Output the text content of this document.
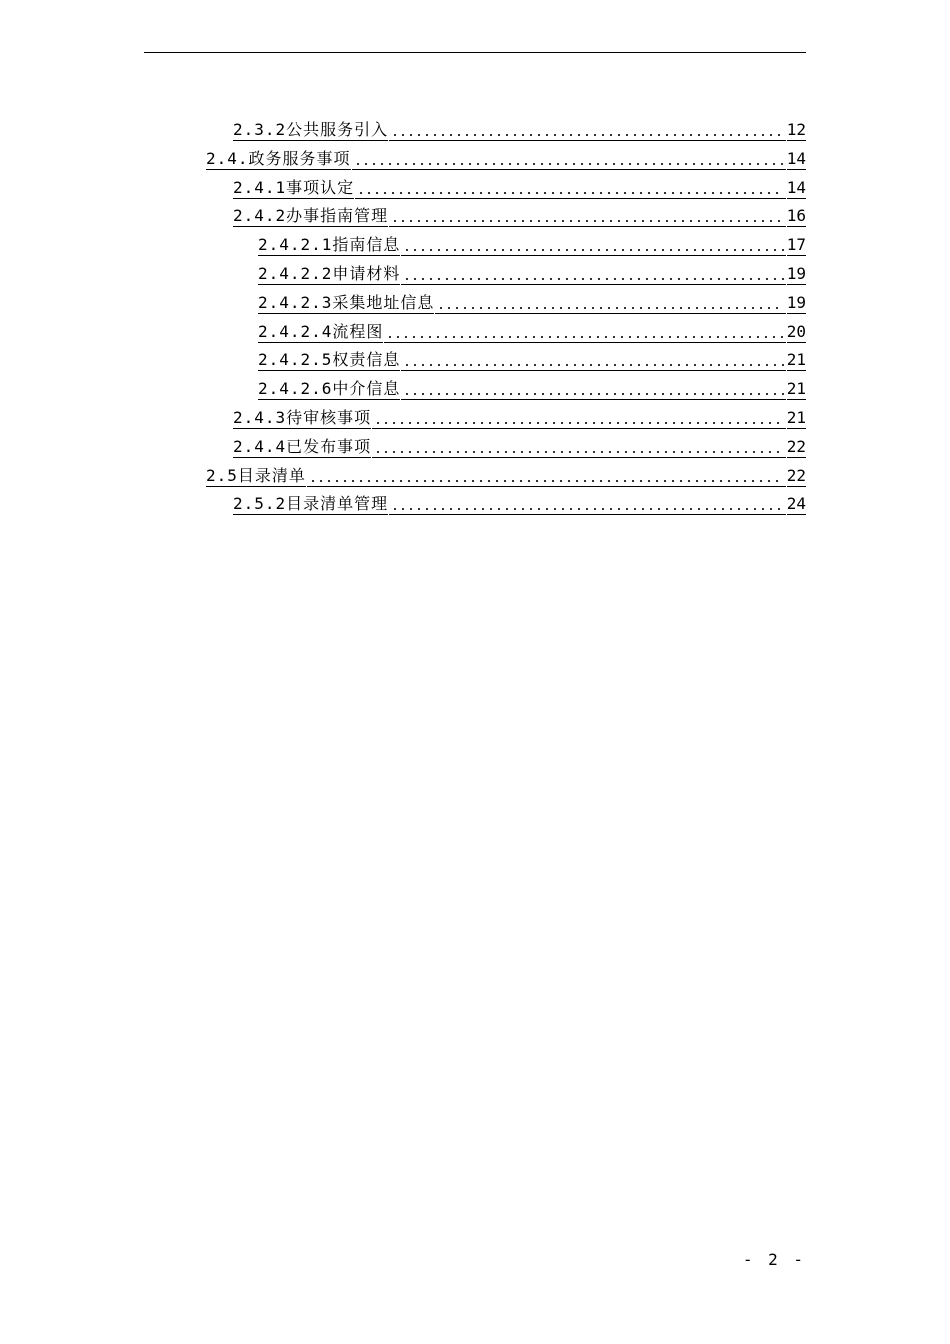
2.3.2公共服务引入	12
2.4.政务服务事项	14
2.4.1事项认定	14
2.4.2办事指南管理	16
2.4.2.1指南信息	17
2.4.2.2申请材料	19
2.4.2.3采集地址信息	19
2.4.2.4流程图	20
2.4.2.5权责信息	21
2.4.2.6中介信息	21
2.4.3待审核事项	21
2.4.4已发布事项	22
2.5目录清单	22
2.5.2目录清单管理	24
- 2 -
